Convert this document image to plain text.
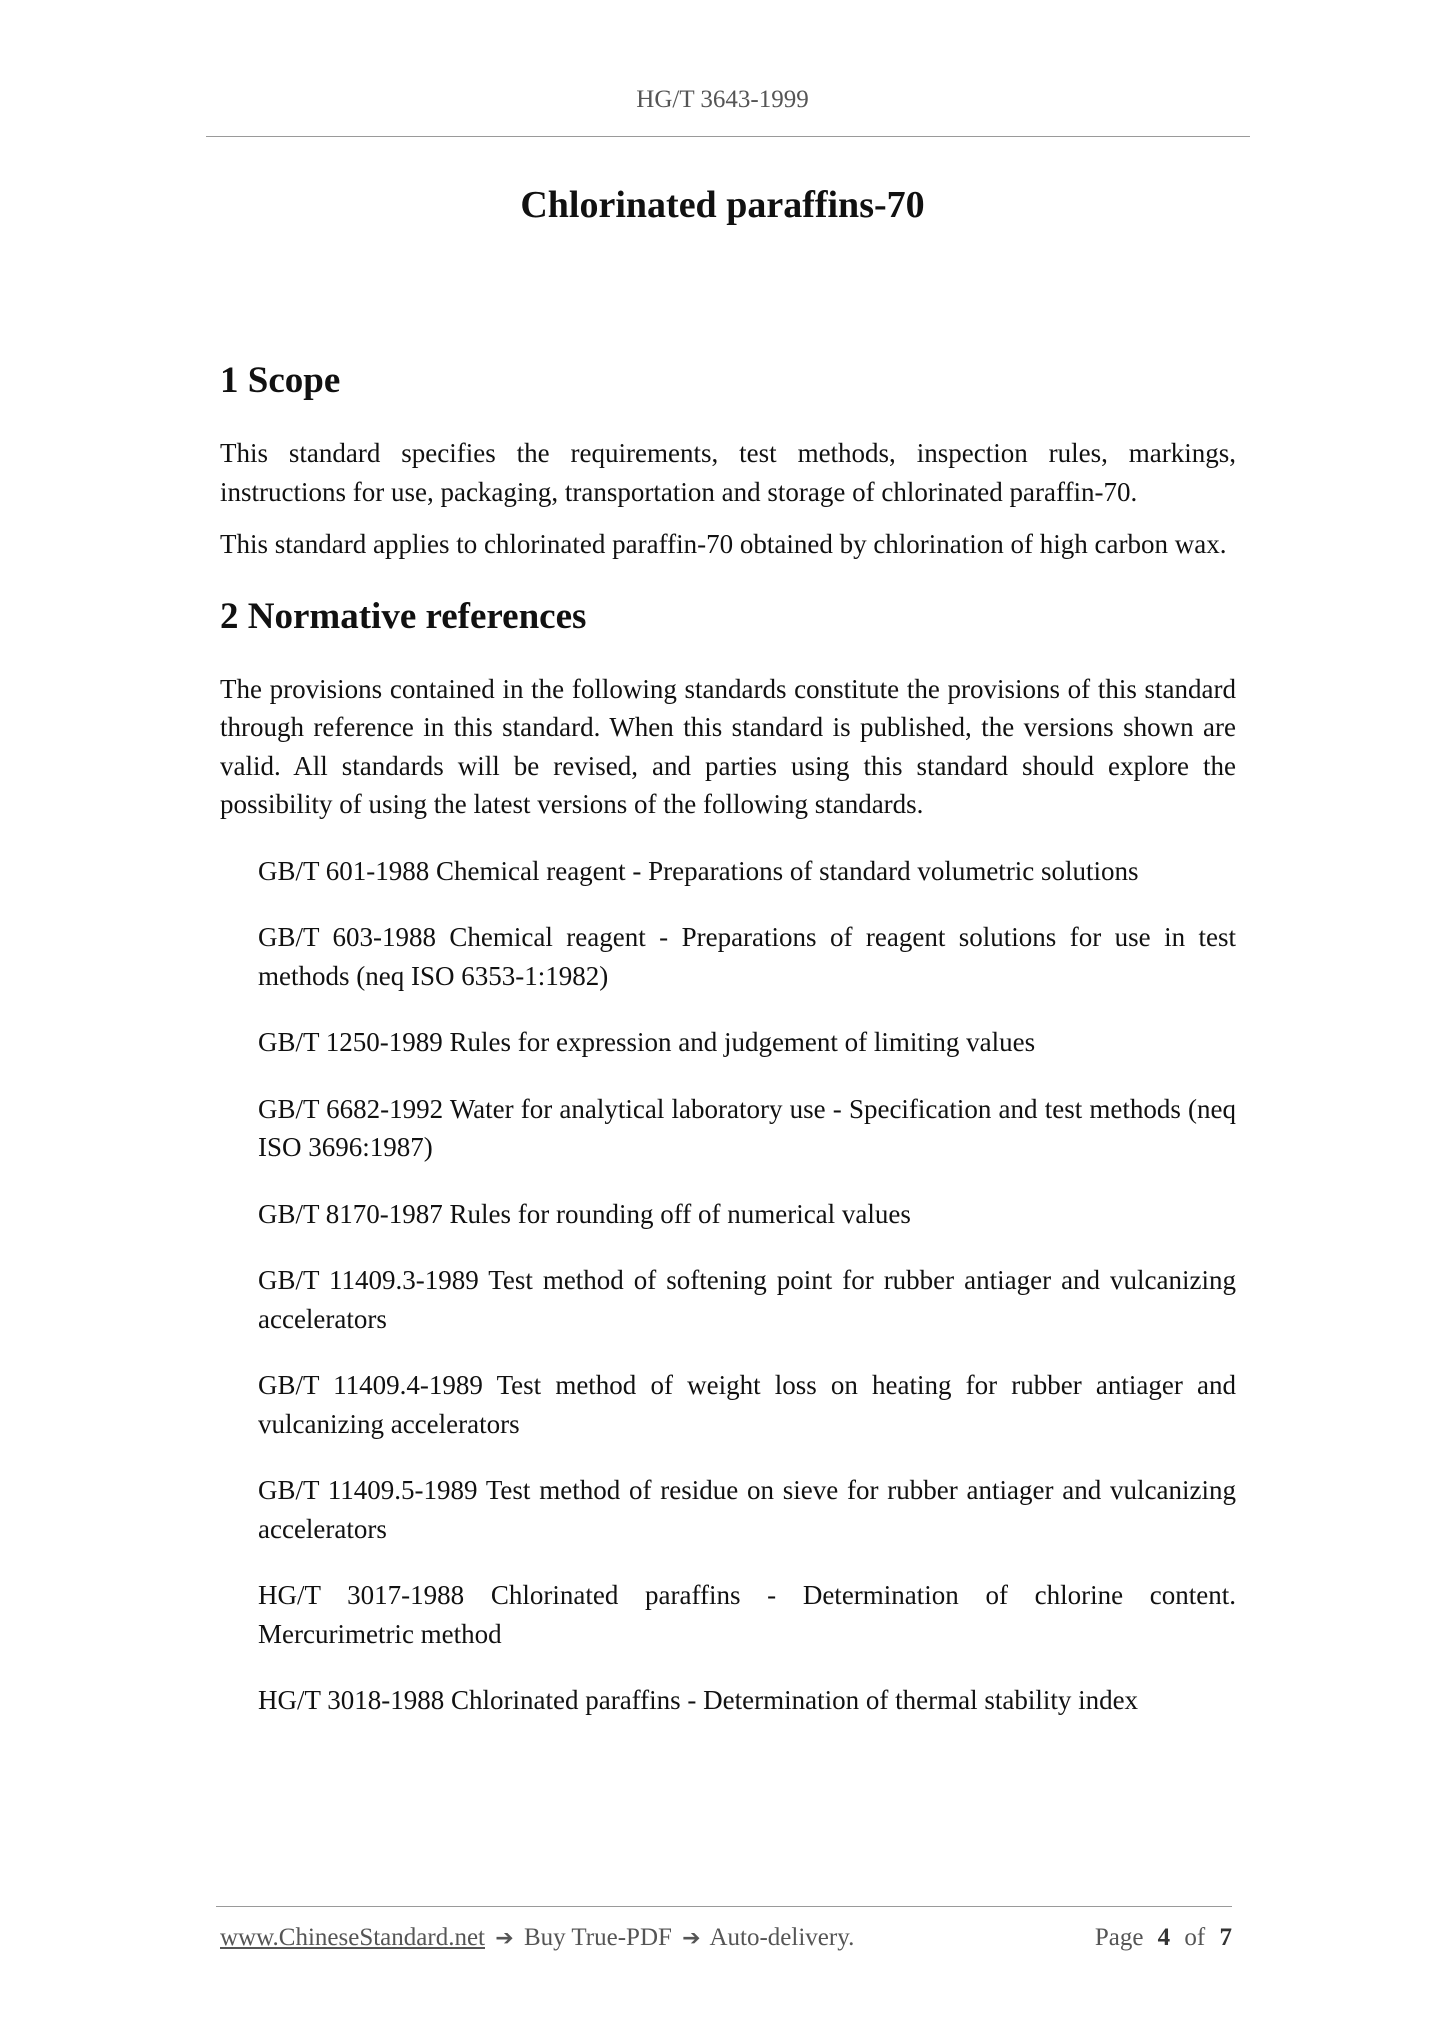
HG/T 3643-1999
Chlorinated paraffins-70
1 Scope

This standard specifies the requirements, test methods, inspection rules, markings, instructions for use, packaging, transportation and storage of chlorinated paraffin-70.

This standard applies to chlorinated paraffin-70 obtained by chlorination of high carbon wax.

2 Normative references

The provisions contained in the following standards constitute the provisions of this standard through reference in this standard. When this standard is published, the versions shown are valid. All standards will be revised, and parties using this standard should explore the possibility of using the latest versions of the following standards.

GB/T 601-1988 Chemical reagent - Preparations of standard volumetric solutions
GB/T 603-1988 Chemical reagent - Preparations of reagent solutions for use in test methods (neq ISO 6353-1:1982)
GB/T 1250-1989 Rules for expression and judgement of limiting values
GB/T 6682-1992 Water for analytical laboratory use - Specification and test methods (neq ISO 3696:1987)
GB/T 8170-1987 Rules for rounding off of numerical values
GB/T 11409.3-1989 Test method of softening point for rubber antiager and vulcanizing accelerators
GB/T 11409.4-1989 Test method of weight loss on heating for rubber antiager and vulcanizing accelerators
GB/T 11409.5-1989 Test method of residue on sieve for rubber antiager and vulcanizing accelerators
HG/T 3017-1988 Chlorinated paraffins - Determination of chlorine content. Mercurimetric method
HG/T 3018-1988 Chlorinated paraffins - Determination of thermal stability index
www.ChineseStandard.net ➔ Buy True-PDF ➔ Auto-delivery.	Page 4 of 7
